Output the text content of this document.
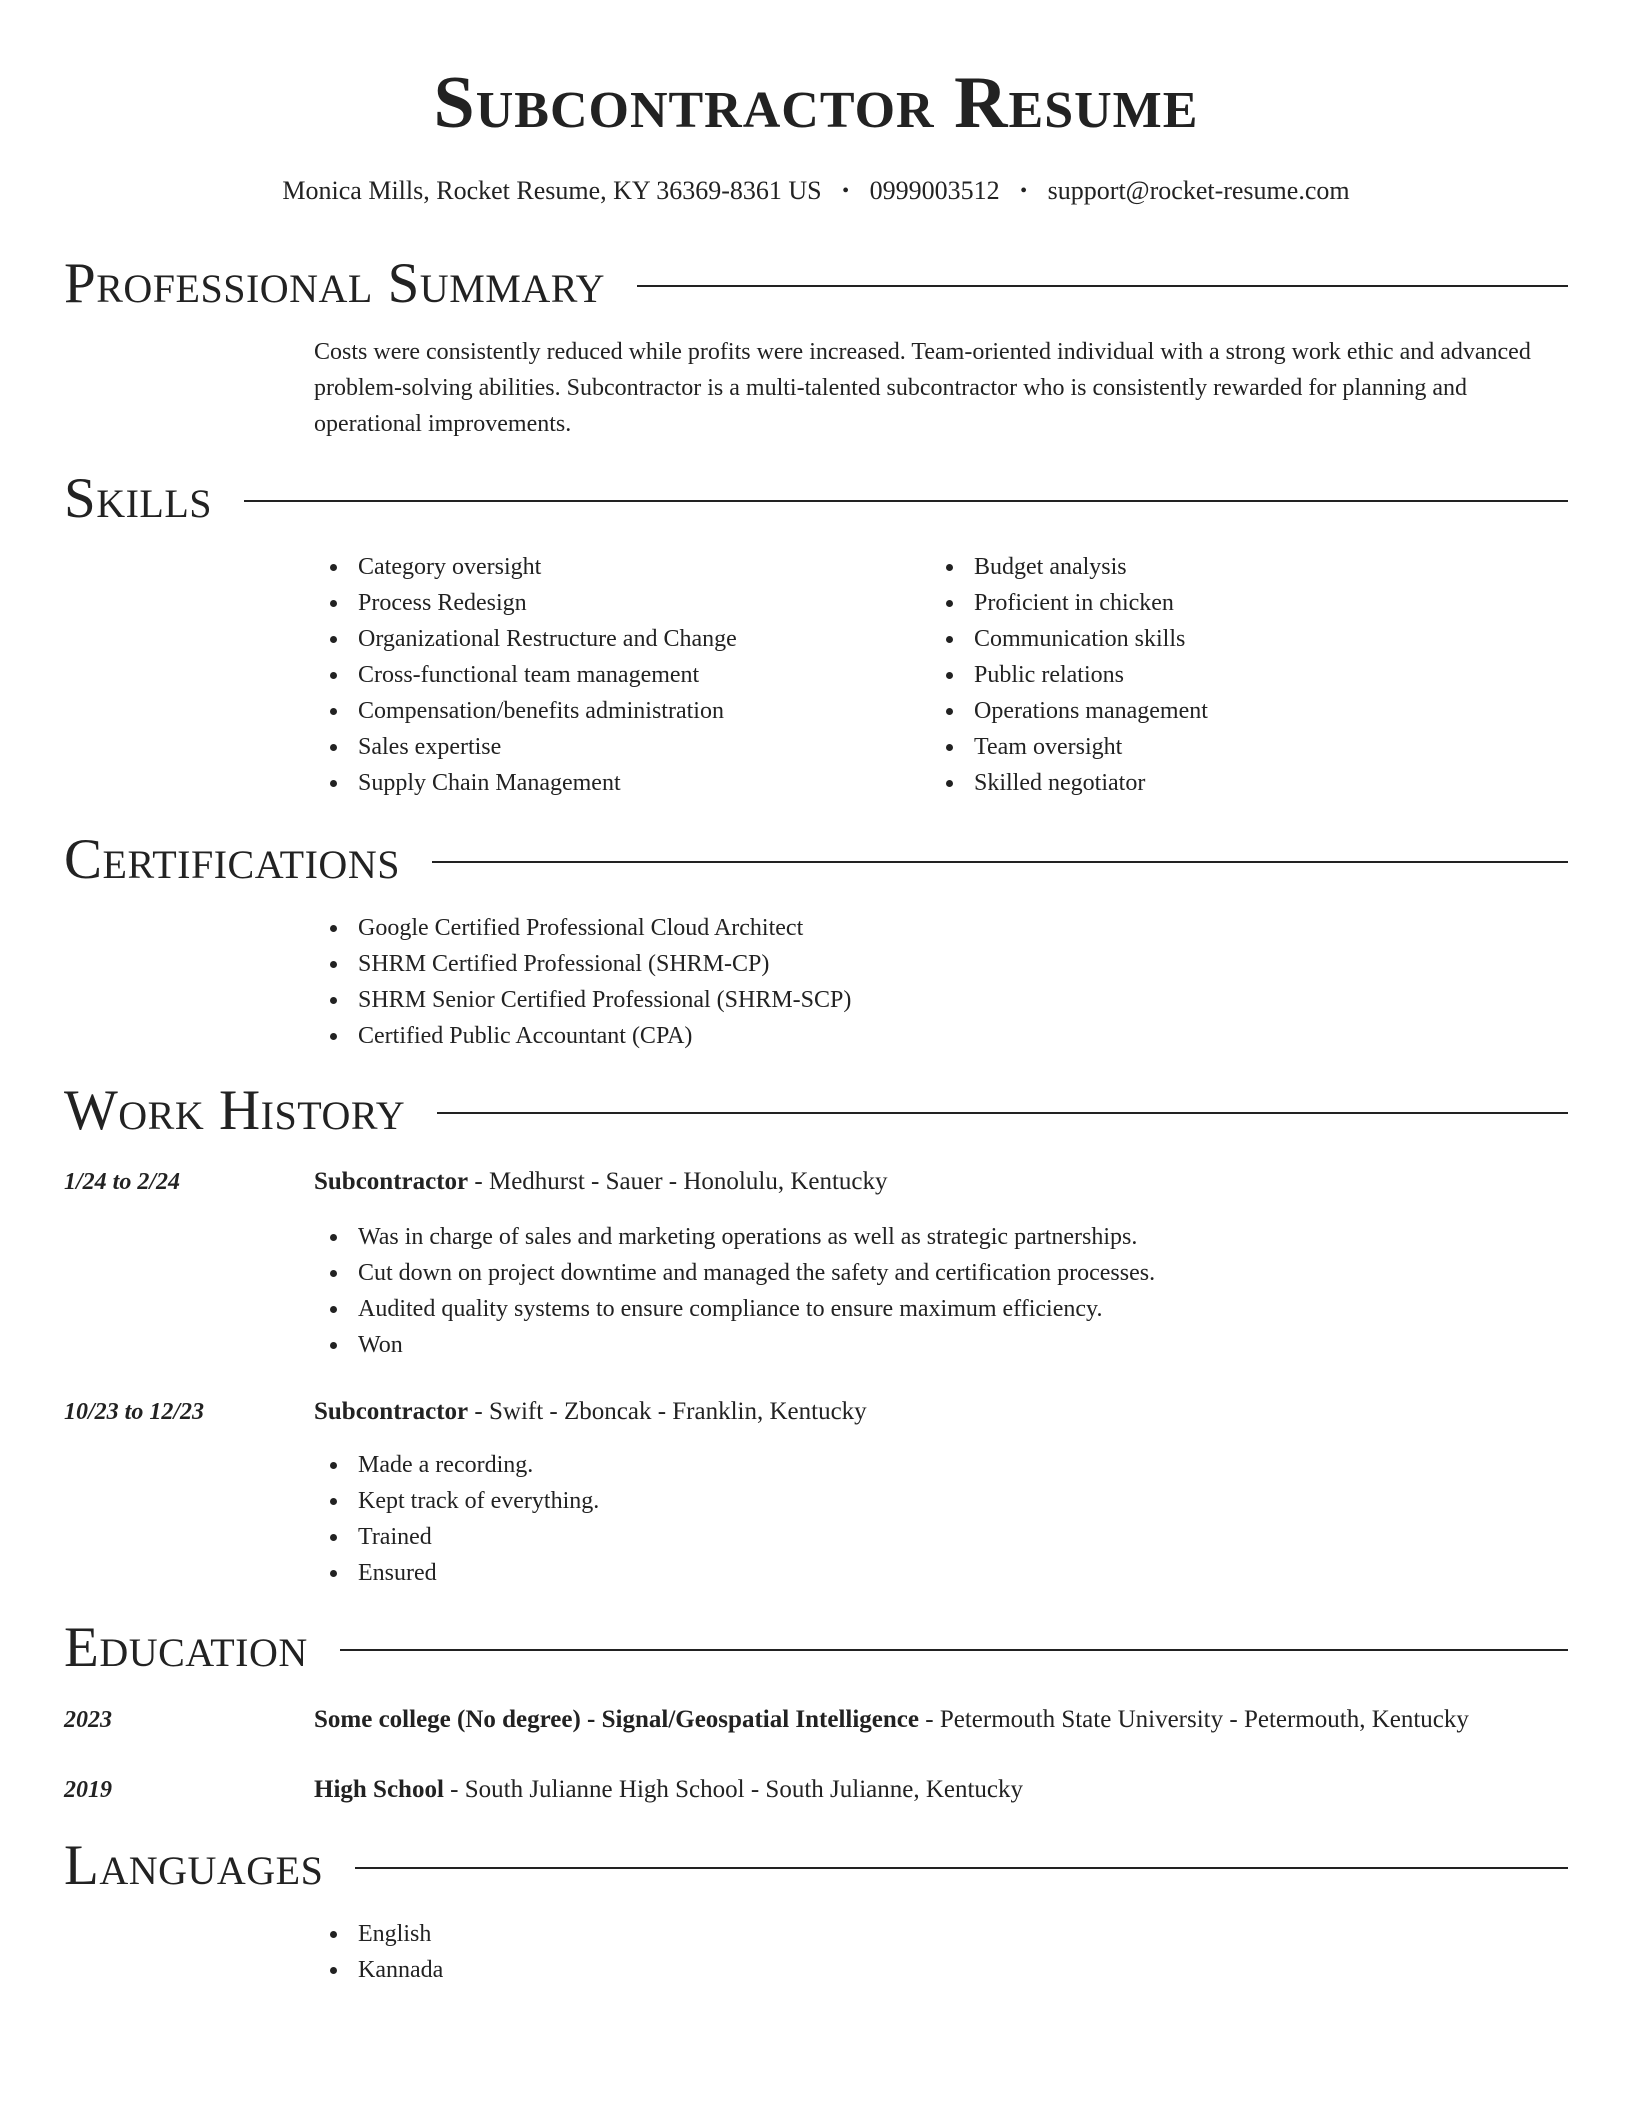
Subcontractor Resume
Monica Mills, Rocket Resume, KY 36369-8361 US • 0999003512 • support@rocket-resume.com
Professional Summary
Costs were consistently reduced while profits were increased. Team-oriented individual with a strong work ethic and advanced problem-solving abilities. Subcontractor is a multi-talented subcontractor who is consistently rewarded for planning and operational improvements.
Skills
Category oversight
Process Redesign
Organizational Restructure and Change
Cross-functional team management
Compensation/benefits administration
Sales expertise
Supply Chain Management
Budget analysis
Proficient in chicken
Communication skills
Public relations
Operations management
Team oversight
Skilled negotiator
Certifications
Google Certified Professional Cloud Architect
SHRM Certified Professional (SHRM-CP)
SHRM Senior Certified Professional (SHRM-SCP)
Certified Public Accountant (CPA)
Work History
1/24 to 2/24	Subcontractor - Medhurst - Sauer - Honolulu, Kentucky
Was in charge of sales and marketing operations as well as strategic partnerships.
Cut down on project downtime and managed the safety and certification processes.
Audited quality systems to ensure compliance to ensure maximum efficiency.
Won
10/23 to 12/23	Subcontractor - Swift - Zboncak - Franklin, Kentucky
Made a recording.
Kept track of everything.
Trained
Ensured
Education
2023	Some college (No degree) - Signal/Geospatial Intelligence - Petermouth State University - Petermouth, Kentucky
2019	High School - South Julianne High School - South Julianne, Kentucky
Languages
English
Kannada
